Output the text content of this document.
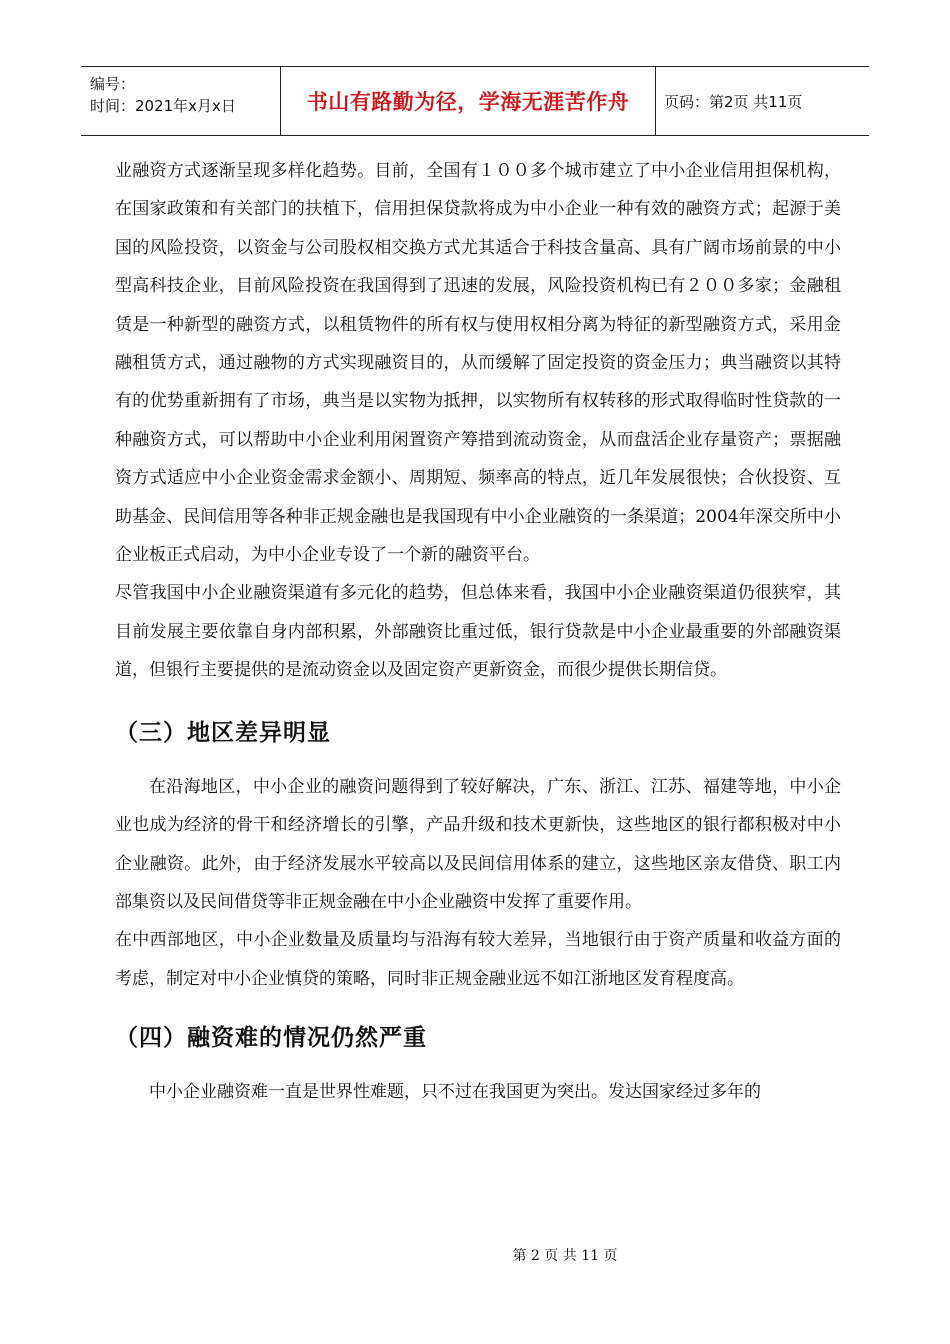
编号：
时间：2021年x月x日	书山有路勤为径，学海无涯苦作舟 页码：第2页 共11页

业融资方式逐渐呈现多样化趋势。目前，全国有１００多个城市建立了中小企业信用担保机构，在国家政策和有关部门的扶植下，信用担保贷款将成为中小企业一种有效的融资方式；起源于美国的风险投资，以资金与公司股权相交换方式尤其适合于科技含量高、具有广阔市场前景的中小型高科技企业，目前风险投资在我国得到了迅速的发展，风险投资机构已有２００多家；金融租赁是一种新型的融资方式，以租赁物件的所有权与使用权相分离为特征的新型融资方式，采用金融租赁方式，通过融物的方式实现融资目的，从而缓解了固定投资的资金压力；典当融资以其特有的优势重新拥有了市场，典当是以实物为抵押，以实物所有权转移的形式取得临时性贷款的一种融资方式，可以帮助中小企业利用闲置资产筹措到流动资金，从而盘活企业存量资产；票据融资方式适应中小企业资金需求金额小、周期短、频率高的特点，近几年发展很快；合伙投资、互助基金、民间信用等各种非正规金融也是我国现有中小企业融资的一条渠道；2004年深交所中小企业板正式启动，为中小企业专设了一个新的融资平台。

尽管我国中小企业融资渠道有多元化的趋势，但总体来看，我国中小企业融资渠道仍很狭窄，其目前发展主要依靠自身内部积累，外部融资比重过低，银行贷款是中小企业最重要的外部融资渠道，但银行主要提供的是流动资金以及固定资产更新资金，而很少提供长期信贷。

（三）地区差异明显

在沿海地区，中小企业的融资问题得到了较好解决，广东、浙江、江苏、福建等地，中小企业也成为经济的骨干和经济增长的引擎，产品升级和技术更新快，这些地区的银行都积极对中小企业融资。此外，由于经济发展水平较高以及民间信用体系的建立，这些地区亲友借贷、职工内部集资以及民间借贷等非正规金融在中小企业融资中发挥了重要作用。

在中西部地区，中小企业数量及质量均与沿海有较大差异，当地银行由于资产质量和收益方面的考虑，制定对中小企业慎贷的策略，同时非正规金融业远不如江浙地区发育程度高。

（四）融资难的情况仍然严重

中小企业融资难一直是世界性难题，只不过在我国更为突出。发达国家经过多年的

第 2 页 共 11 页
